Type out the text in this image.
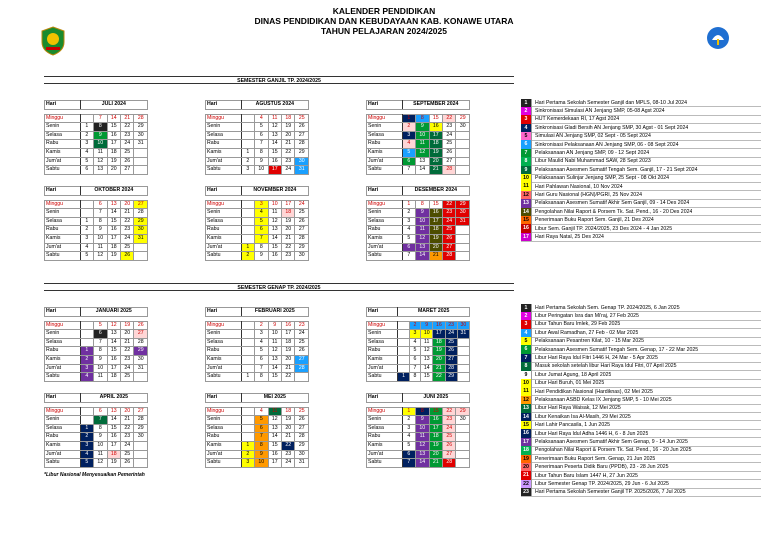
KALENDER PENDIDIKAN
DINAS PENDIDIKAN DAN KEBUDAYAAN KAB. KONAWE UTARA
TAHUN PELAJARAN 2024/2025
SEMESTER GANJIL TP. 2024/2025
SEMESTER GENAP TP. 2024/2025
Hari	JULI 2024				

Minggu		7	14	21	28
Senin	1	8	15	22	29
Selasa	2	9	16	23	30
Rabu	3	10	17	24	31
Kamis	4	11	18	25	
Jum'at	5	12	19	26	
Sabtu	6	13	20	27	
Hari	AGUSTUS 2024				

Minggu		4	11	18	25
Senin		5	12	19	26
Selasa		6	13	20	27
Rabu		7	14	21	28
Kamis	1	8	15	22	29
Jum'at	2	9	16	23	30
Sabtu	3	10	17	24	31
Hari	SEPTEMBER 2024				

Minggu	1	8	15	22	29
Senin	2	9	16	23	30
Selasa	3	10	17	24	
Rabu	4	11	18	25	
Kamis	5	12	19	26	
Jum'at	6	13	20	27	
Sabtu	7	14	21	28	
Hari	OKTOBER 2024				

Minggu		6	13	20	27
Senin		7	14	21	28
Selasa	1	8	15	22	29
Rabu	2	9	16	23	30
Kamis	3	10	17	24	31
Jum'at	4	11	18	25	
Sabtu	5	12	19	26	
Hari	NOVEMBER 2024				

Minggu		3	10	17	24
Senin		4	11	18	25
Selasa		5	12	19	26
Rabu		6	13	20	27
Kamis		7	14	21	28
Jum'at	1	8	15	22	29
Sabtu	2	9	16	23	30
Hari	DESEMBER 2024				

Minggu	1	8	15	22	29
Senin	2	9	16	23	30
Selasa	3	10	17	24	31
Rabu	4	11	18	25	
Kamis	5	12	19	26	
Jum'at	6	13	20	27	
Sabtu	7	14	21	28	
Hari	JANUARI 2025				

Minggu		5	12	19	26
Senin		6	13	20	27
Selasa		7	14	21	28
Rabu	1	8	15	22	29
Kamis	2	9	16	23	30
Jum'at	3	10	17	24	31
Sabtu	4	11	18	25	
Hari	FEBRUARI 2025				

Minggu		2	9	16	23
Senin		3	10	17	24
Selasa		4	11	18	25
Rabu		5	12	19	26
Kamis		6	13	20	27
Jum'at		7	14	21	28
Sabtu	1	8	15	22	
Hari	MARET 2025					

Minggu		2	9	16	23	30
Senin		3	10	17	24	31
Selasa		4	11	18	25	
Rabu		5	12	19	26	
Kamis		6	13	20	27	
Jum'at		7	14	21	28	
Sabtu	1	8	15	22	29	
Hari	APRIL 2025				

Minggu		6	13	20	27
Senin		7	14	21	28
Selasa	1	8	15	22	29
Rabu	2	9	16	23	30
Kamis	3	10	17	24	
Jum'at	4	11	18	25	
Sabtu	5	12	19	26	
Hari	MEI 2025				

Minggu		4	11	18	25
Senin		5	12	19	26
Selasa		6	13	20	27
Rabu		7	14	21	28
Kamis	1	8	15	22	29
Jum'at	2	9	16	23	30
Sabtu	3	10	17	24	31
Hari	JUNI 2025				

Minggu	1	8	15	22	29
Senin	2	9	16	23	30
Selasa	3	10	17	24	
Rabu	4	11	18	25	
Kamis	5	12	19	26	
Jum'at	6	13	20	27	
Sabtu	7	14	21	28	
1	Hari Pertama Sekolah Semester Ganjil dan MPLS, 08-10 Jul 2024
2	Sinkronisasi Simulasi AN Jenjang SMP, 05-08 Agst 2024
3	HUT Kemerdekaan RI, 17 Agst 2024
4	Sinkronisasi Gladi Bersih AN Jenjang SMP, 30 Agst - 01 Sept 2024
5	Simulasi AN Jenjang SMP, 02 Sept - 05 Sept 2024
6	Sinkronisasi Pelaksanaan AN Jenjang SMP, 06 - 08 Sept 2024
7	Pelaksanaan AN Jenjang SMP, 09 - 12 Sept 2024
8	Libur Maulid Nabi Muhammad SAW, 28 Sept 2023
9	Pelaksanaan Asesmen Sumatif Tengah Sem. Ganjil, 17 - 21 Sept 2024
10	Pelaksanaan Sulinjar Jenjang SMP, 25 Sept - 08 Okt 2024
11	Hari Pahlawan Nasional, 10 Nov 2024
12	Hari Guru Nasional (HGN)/PGRI, 25 Nov 2024
13	Pelaksanaan Asesmen Sumatif Akhir Sem Ganjil, 09 - 14 Des 2024
14	Pengolahan Nilai Raport & Porsem Tk. Sat. Pend., 16 - 20 Des 2024
15	Penerimaan Buku Raport Sem. Ganjil, 21 Des 2024
16	Libur Sem. Ganjil TP. 2024/2025, 23 Des 2024 - 4 Jan 2025
17	Hari Raya Natal, 25 Des 2024
1	Hari Pertama Sekolah Sem. Genap TP. 2024/2025, 6 Jan 2025
2	Libur Peringatan Isra dan Mi'raj, 27 Feb 2025
3	Libur Tahun Baru Imlek, 29 Feb 2025
4	Libur Awal Ramadhan, 27 Feb - 02 Mar 2025
5	Pelaksanaan Pesantren Kilat, 10 - 15 Mar 2025
6	Pelaksanaan Asesmen Sumatif Tengah Sem. Genap, 17 - 22 Mar 2025
7	Libur Hari Raya Idul Fitri 1446 H, 24 Mar - 5 Apr 2025
8	Masuk sekolah setelah libur Hari Raya Idul Fitri, 07 April 2025
9	Libur Jumat Agung, 18 April 2025
10	Libur Hari Buruh, 01 Mei 2025
11	Hari Pendidikan Nasional (Hardiknas), 02 Mei 2025
12	Pelaksanaan ASBD Kelas IX Jenjang SMP, 5 - 10 Mei 2025
13	Libur Hari Raya Waisak, 12 Mei 2025
14	Libur Kenaikan Isa Al-Masih, 29 Mei 2025
15	Hari Lahir Pancasila, 1 Jun 2025
16	Libur Hari Raya Idul Adha 1446 H, 6 - 8 Jun 2025
17	Pelaksanaan Asesmen Sumatif Akhir Sem Genap, 9 - 14 Jun 2025
18	Pengolahan Nilai Raport & Porsem Tk. Sat. Pend., 16 - 20 Jun 2025
19	Penerimaan Buku Raport Sem. Genap, 21 Jun 2025
20	Penerimaan Peserta Didik Baru (PPDB), 23 - 28 Jun 2025
21	Libur Tahun Baru Islam 1447 H, 27 Jun 2025
22	Libur Semester Genap TP. 2024/2025, 29 Jun - 6 Jul 2025
23	Hari Pertama Sekolah Semester Ganjil TP. 2025/2026, 7 Jul 2025
*Libur Nasional Menyesuaikan Pemerintah
